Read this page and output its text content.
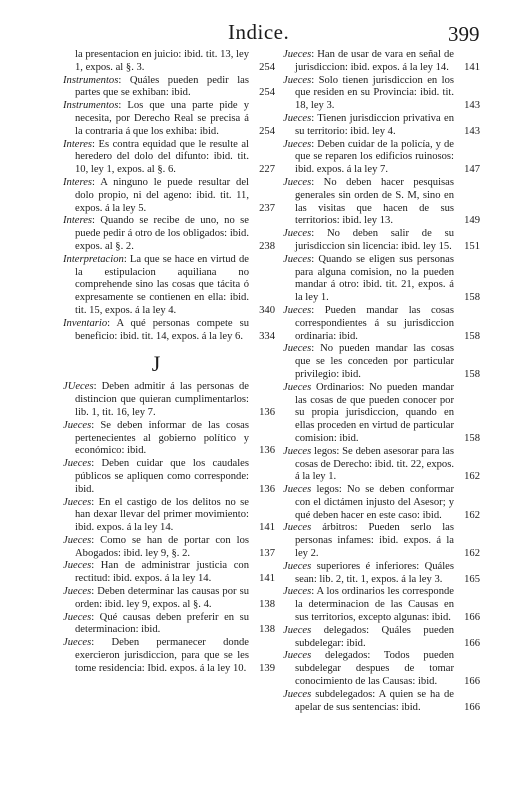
Indice.	399

la presentacion en juicio: ibid. tit. 13, ley 1, expos. al §. 3.	254

Instrumentos: Quáles pueden pedir las partes que se exhiban: ibid.	254

Instrumentos: Los que una parte pide y necesita, por Derecho Real se precisa á la contraria á que los exhiba: ibid.	254

Interes: Es contra equidad que le resulte al heredero del dolo del difunto: ibid. tit. 10, ley 1, expos. al §. 6.	227

Interes: A ninguno le puede resultar del dolo propio, ni del ageno: ibid. tit. 11, expos. á la ley 5.	237

Interes: Quando se recibe de uno, no se puede pedir á otro de los obligados: ibid. expos. al §. 2.	238

Interpretacion: La que se hace en virtud de la estipulacion aquiliana no comprehende sino las cosas que tácita ó expresamente se contienen en ella: ibid. tit. 15, expos. á la ley 4.	340

Inventario: A qué personas compete su beneficio: ibid. tit. 14, expos. á la ley 6. 334

J

JUeces: Deben admitir á las personas de distincion que quieran cumplimentarlos: lib. 1, tit. 16, ley 7.	136

Jueces: Se deben informar de las cosas pertenecientes al gobierno político y económico: ibid.	136

Jueces: Deben cuidar que los caudales públicos se apliquen como corresponde: ibid.	136

Jueces: En el castigo de los delitos no se han dexar llevar del primer movimiento: ibid. expos. á la ley 14.	141

Jueces: Como se han de portar con los Abogados: ibid. ley 9, §. 2.	137

Jueces: Han de administrar justicia con rectitud: ibid. expos. á la ley 14.	141

Jueces: Deben determinar las causas por su orden: ibid. ley 9, expos. al §. 4.	138

Jueces: Qué causas deben preferir en su determinacion: ibid.	138

Jueces: Deben permanecer donde exercieron jurisdiccion, para que se les tome residencia: Ibid. expos. á la ley 10. 139

Jueces: Han de usar de vara en señal de jurisdiccion: ibid. expos. á la ley 14. 141

Jueces: Solo tienen jurisdiccion en los que residen en su Provincia: ibid. tit. 18, ley 3.	143

Jueces: Tienen jurisdiccion privativa en su territorio: ibid. ley 4.	143

Jueces: Deben cuidar de la policía, y de que se reparen los edificios ruinosos: ibid. expos. á la ley 7.	147

Jueces: No deben hacer pesquisas generales sin orden de S. M, sino en las visitas que hacen de sus territorios: ibid. ley 13.	149

Jueces: No deben salir de su jurisdiccion sin licencia: ibid. ley 15. 151

Jueces: Quando se eligen sus personas para alguna comision, no la pueden mandar á otro: ibid. tit. 21, expos. á la ley 1.	158

Jueces: Pueden mandar las cosas correspondientes á su jurisdiccion ordinaria: ibid.	158

Jueces: No pueden mandar las cosas que se les conceden por particular privilegio: ibid.	158

Jueces Ordinarios: No pueden mandar las cosas de que pueden conocer por su propia jurisdiccion, quando en ellas proceden en virtud de particular comision: ibid.	158

Jueces legos: Se deben asesorar para las cosas de Derecho: ibid. tit. 22, expos. á la ley 1.	162

Jueces legos: No se deben conformar con el dictámen injusto del Asesor; y qué deben hacer en este caso: ibid. 162

Jueces árbitros: Pueden serlo las personas infames: ibid. expos. á la ley 2.	162

Jueces superiores é inferiores: Quáles sean: lib. 2, tit. 1, expos. á la ley 3. 165

Jueces: A los ordinarios les corresponde la determinacion de las Causas en sus territorios, excepto algunas: ibid. 166

Jueces delegados: Quáles pueden subdelegar: ibid.	166

Jueces delegados: Todos pueden subdelegar despues de tomar conocimiento de las Causas: ibid.	166

Jueces subdelegados: A quien se ha de apelar de sus sentencias: ibid.	166
